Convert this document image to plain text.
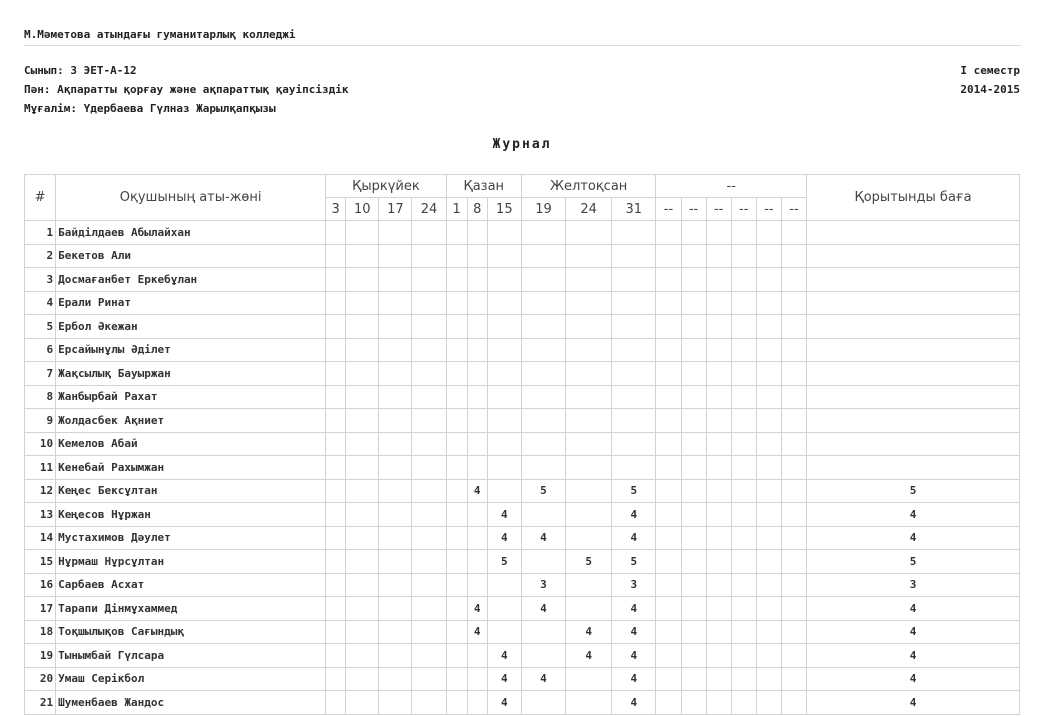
М.Мәметова атындағы гуманитарлық колледжі
Сынып: 3 ЭЕТ-А-12
Пән: Ақпаратты қорғау және ақпараттық қауіпсіздік
Мұғалім: Үдербаева Гүлназ Жарылқапқызы
I семестр
2014-2015
Журнал
#	Оқушының аты-жөні	Қыркүйек				Қазан			Желтоқсан			--						Қорытынды баға
		3	10	17	24	1	8	15	19	24	31	--	--	--	--	--	--	
1	Байділдаев Абылайхан																	
2	Бекетов Али																	
3	Досмағанбет Еркебұлан																	
4	Ерали Ринат																	
5	Ербол Әкежан																	
6	Ерсайынұлы Әділет																	
7	Жақсылық Бауыржан																	
8	Жанбырбай Рахат																	
9	Жолдасбек Ақниет																	
10	Кемелов Абай																	
11	Кенебай Рахымжан																	
12	Кеңес Бексұлтан						4		5		5							5
13	Кеңесов Нұржан							4			4							4
14	Мустахимов Дәулет							4	4		4							4
15	Нұрмаш Нұрсұлтан							5		5	5							5
16	Сарбаев Асхат								3		3							3
17	Тарапи Дінмұхаммед						4		4		4							4
18	Тоқшылықов Сағындық						4			4	4							4
19	Тынымбай Гүлсара							4		4	4							4
20	Умаш Серікбол							4	4		4							4
21	Шуменбаев Жандос							4			4							4
